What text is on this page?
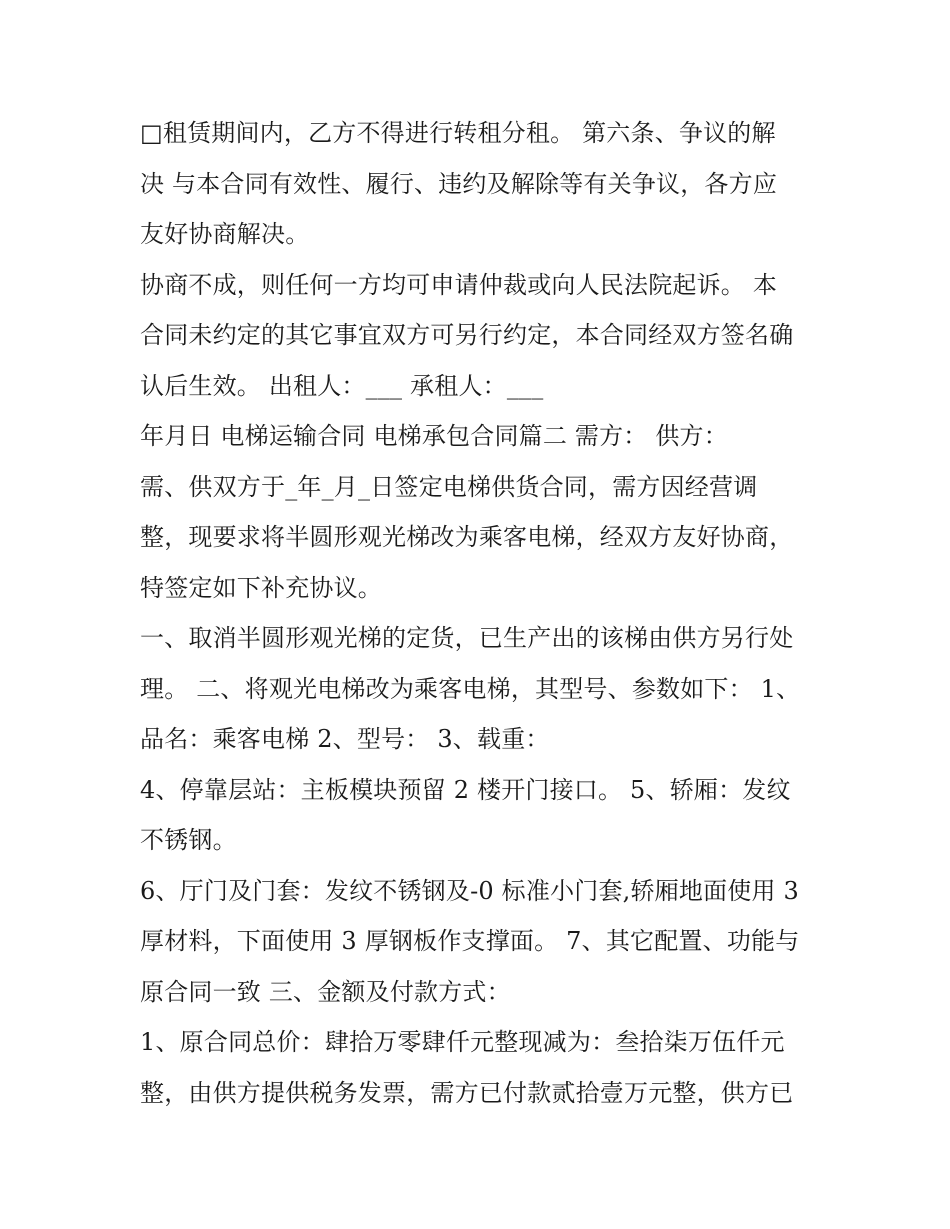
□租赁期间内，乙方不得进行转租分租。 第六条、争议的解
决 与本合同有效性、履行、违约及解除等有关争议，各方应
友好协商解决。
协商不成，则任何一方均可申请仲裁或向人民法院起诉。 本
合同未约定的其它事宜双方可另行约定，本合同经双方签名确
认后生效。 出租人：___ 承租人：___
年月日 电梯运输合同 电梯承包合同篇二 需方： 供方：
需、供双方于_年_月_日签定电梯供货合同，需方因经营调
整，现要求将半圆形观光梯改为乘客电梯，经双方友好协商，
特签定如下补充协议。
一、取消半圆形观光梯的定货，已生产出的该梯由供方另行处
理。 二、将观光电梯改为乘客电梯，其型号、参数如下： 1、
品名：乘客电梯 2、型号： 3、载重：
4、停靠层站：主板模块预留 2 楼开门接口。 5、轿厢：发纹
不锈钢。
6、厅门及门套：发纹不锈钢及-0 标准小门套,轿厢地面使用 3
厚材料，下面使用 3 厚钢板作支撑面。 7、其它配置、功能与
原合同一致 三、金额及付款方式：
1、原合同总价：肆拾万零肆仟元整现减为：叁拾柒万伍仟元
整，由供方提供税务发票，需方已付款贰拾壹万元整，供方已
